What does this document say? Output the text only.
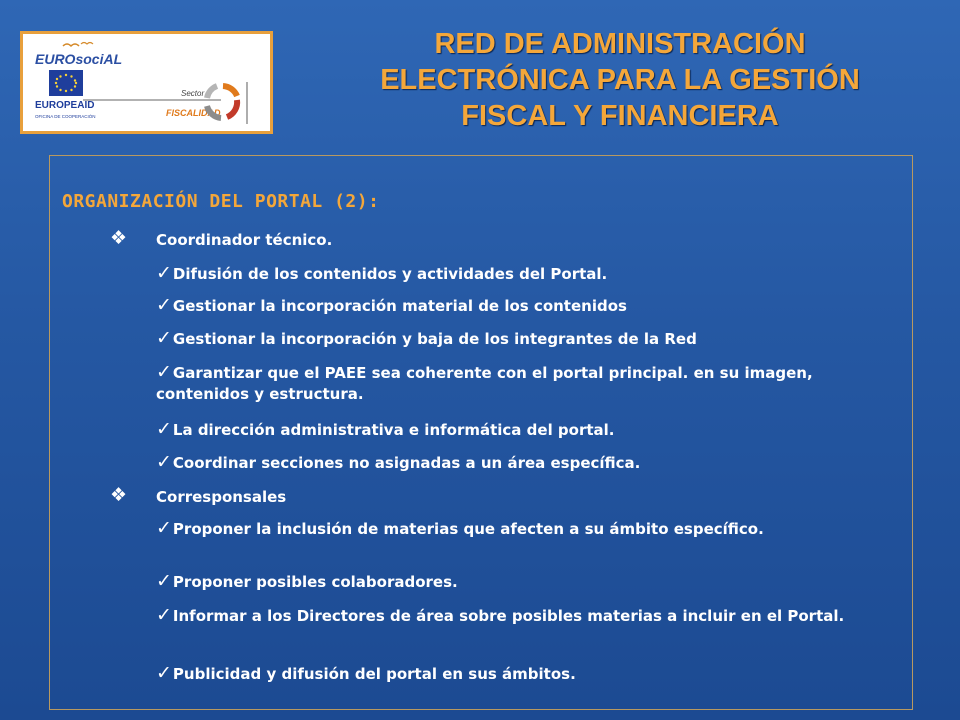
EUROsociAL
EUROPEAID
OFICINA DE COOPERACIÓN
Sector
FISCALIDAD
RED DE ADMINISTRACIÓN
ELECTRÓNICA PARA LA GESTIÓN
FISCAL Y FINANCIERA
ORGANIZACIÓN DEL PORTAL (2):
❖ Coordinador técnico.
✓Difusión de los contenidos y actividades del Portal.
✓Gestionar la incorporación material de los contenidos
✓Gestionar la incorporación y baja de los integrantes de la Red
✓Garantizar que el PAEE sea coherente con el portal principal. en su imagen, contenidos y estructura.
✓La dirección administrativa e informática del portal.
✓Coordinar secciones no asignadas a un área específica.
❖ Corresponsales
✓Proponer la inclusión de materias que afecten a su ámbito específico.
✓Proponer posibles colaboradores.
✓Informar a los Directores de área sobre posibles materias a incluir en el Portal.
✓Publicidad y difusión del portal en sus ámbitos.
